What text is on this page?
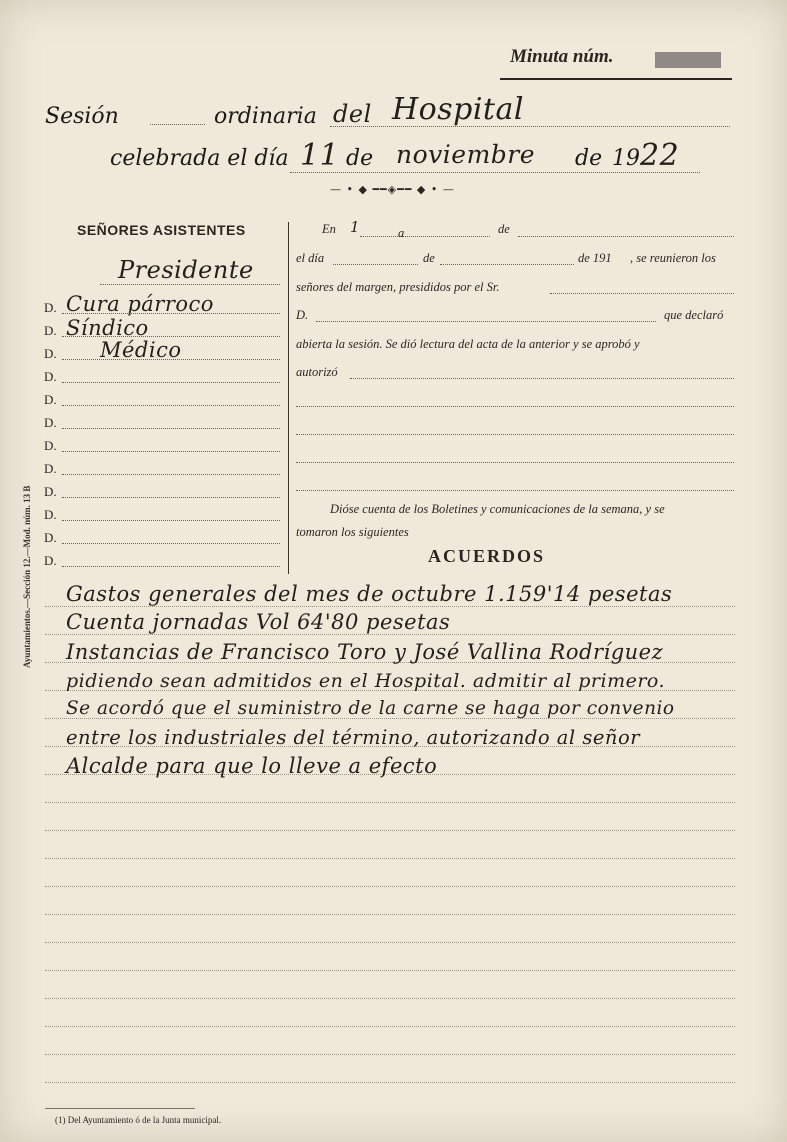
Minuta núm.
Sesión	ordinaria del Hospital
celebrada el día 11 de noviembre de 19 22
— • ◆ ━━◈━━ ◆ • —
SEÑORES ASISTENTES
Presidente
D. Cura párroco
D. Síndico
D. Médico
D.
D.
D.
D.
D.
D.
D.
D.
D.
En 1	a	de
el día	de	de 191 , se reunieron los
señores del margen, presididos por el Sr.
D.	que declaró
abierta la sesión. Se dió lectura del acta de la anterior y se aprobó y
autorizó
Dióse cuenta de los Boletines y comunicaciones de la semana, y se
tomaron los siguientes
ACUERDOS
Gastos generales del mes de octubre 1.159'14 pesetas
Cuenta jornadas Vol 64'80 pesetas
Instancias de Francisco Toro y José Vallina Rodríguez
pidiendo sean admitidos en el Hospital. admitir al primero.
Se acordó que el suministro de la carne se haga por convenio
entre los industriales del término, autorizando al señor
Alcalde para que lo lleve a efecto
Ayuntamientos.—Sección 12.—Mod. núm. 13 B
(1) Del Ayuntamiento ó de la Junta municipal.
